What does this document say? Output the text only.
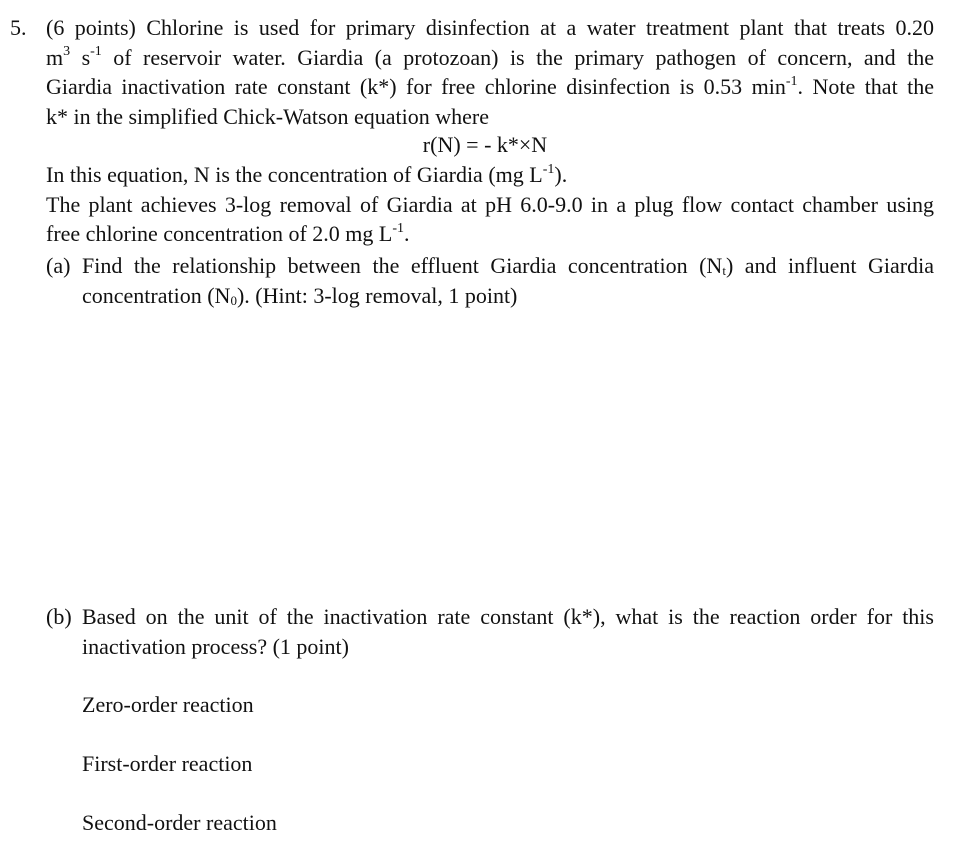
5. (6 points) Chlorine is used for primary disinfection at a water treatment plant that treats 0.20
$m^3$ $s^{-1}$ of reservoir water. Giardia (a protozoan) is the primary pathogen of concern, and the
Giardia inactivation rate constant (k*) for free chlorine disinfection is 0.53 $\min^{-1}$. Note that the
k* in the simplified Chick-Watson equation where
r(N) = - k*×N
In this equation, N is the concentration of Giardia (mg $L^{-1}$).
The plant achieves 3-log removal of Giardia at pH 6.0-9.0 in a plug flow contact chamber using
free chlorine concentration of 2.0 mg $L^{-1}$.
(a) Find the relationship between the effluent Giardia concentration $(N_t)$ and influent Giardia
concentration $(N_0)$. (Hint: 3-log removal, 1 point)
(b) Based on the unit of the inactivation rate constant (k*), what is the reaction order for this
inactivation process? (1 point)
Zero-order reaction
First-order reaction
Second-order reaction
